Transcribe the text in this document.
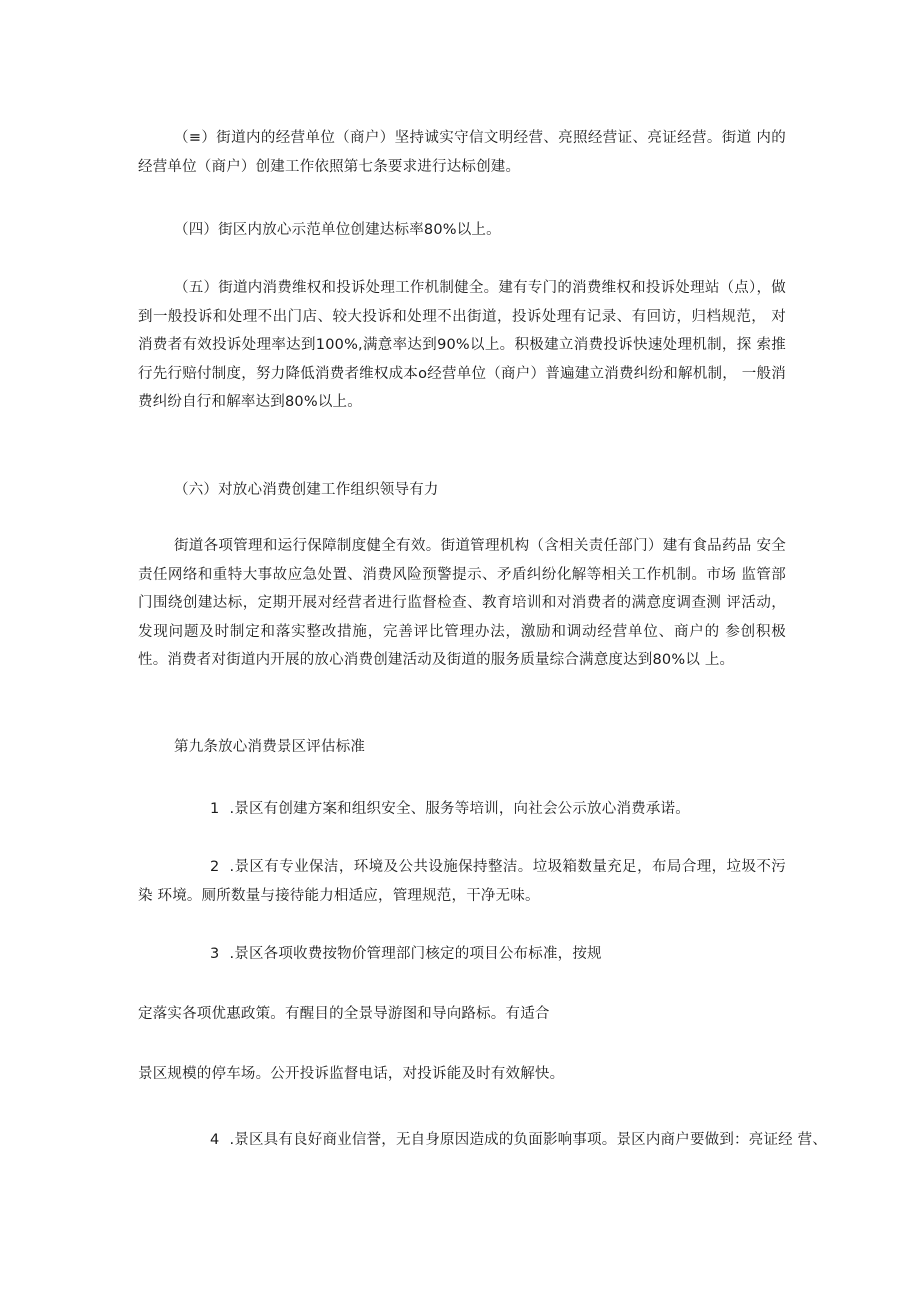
（≡）街道内的经营单位（商户）坚持诚实守信文明经营、亮照经营证、亮证经营。街道 内的经营单位（商户）创建工作依照第七条要求进行达标创建。

（四）街区内放心示范单位创建达标率80%以上。

（五）街道内消费维权和投诉处理工作机制健全。建有专门的消费维权和投诉处理站（点），做到一般投诉和处理不出门店、较大投诉和处理不出街道，投诉处理有记录、有回访，归档规范， 对消费者有效投诉处理率达到100%,满意率达到90%以上。积极建立消费投诉快速处理机制，探 索推行先行赔付制度，努力降低消费者维权成本o经营单位（商户）普遍建立消费纠纷和解机制， 一般消费纠纷自行和解率达到80%以上。

（六）对放心消费创建工作组织领导有力

街道各项管理和运行保障制度健全有效。街道管理机构（含相关责任部门）建有食品药品 安全责任网络和重特大事故应急处置、消费风险预警提示、矛盾纠纷化解等相关工作机制。市场 监管部门围绕创建达标，定期开展对经营者进行监督检查、教育培训和对消费者的满意度调查测 评活动，发现问题及时制定和落实整改措施，完善评比管理办法，激励和调动经营单位、商户的 参创积极性。消费者对街道内开展的放心消费创建活动及街道的服务质量综合满意度达到80%以 上。

第九条放心消费景区评估标准

1 .景区有创建方案和组织安全、服务等培训，向社会公示放心消费承诺。

2 .景区有专业保洁，环境及公共设施保持整洁。垃圾箱数量充足，布局合理，垃圾不污染 环境。厕所数量与接待能力相适应，管理规范，干净无味。

3 .景区各项收费按物价管理部门核定的项目公布标准，按规

定落实各项优惠政策。有醒目的全景导游图和导向路标。有适合

景区规模的停车场。公开投诉监督电话，对投诉能及时有效解快。

4 .景区具有良好商业信誉，无自身原因造成的负面影响事项。景区内商户要做到：亮证经 营、
